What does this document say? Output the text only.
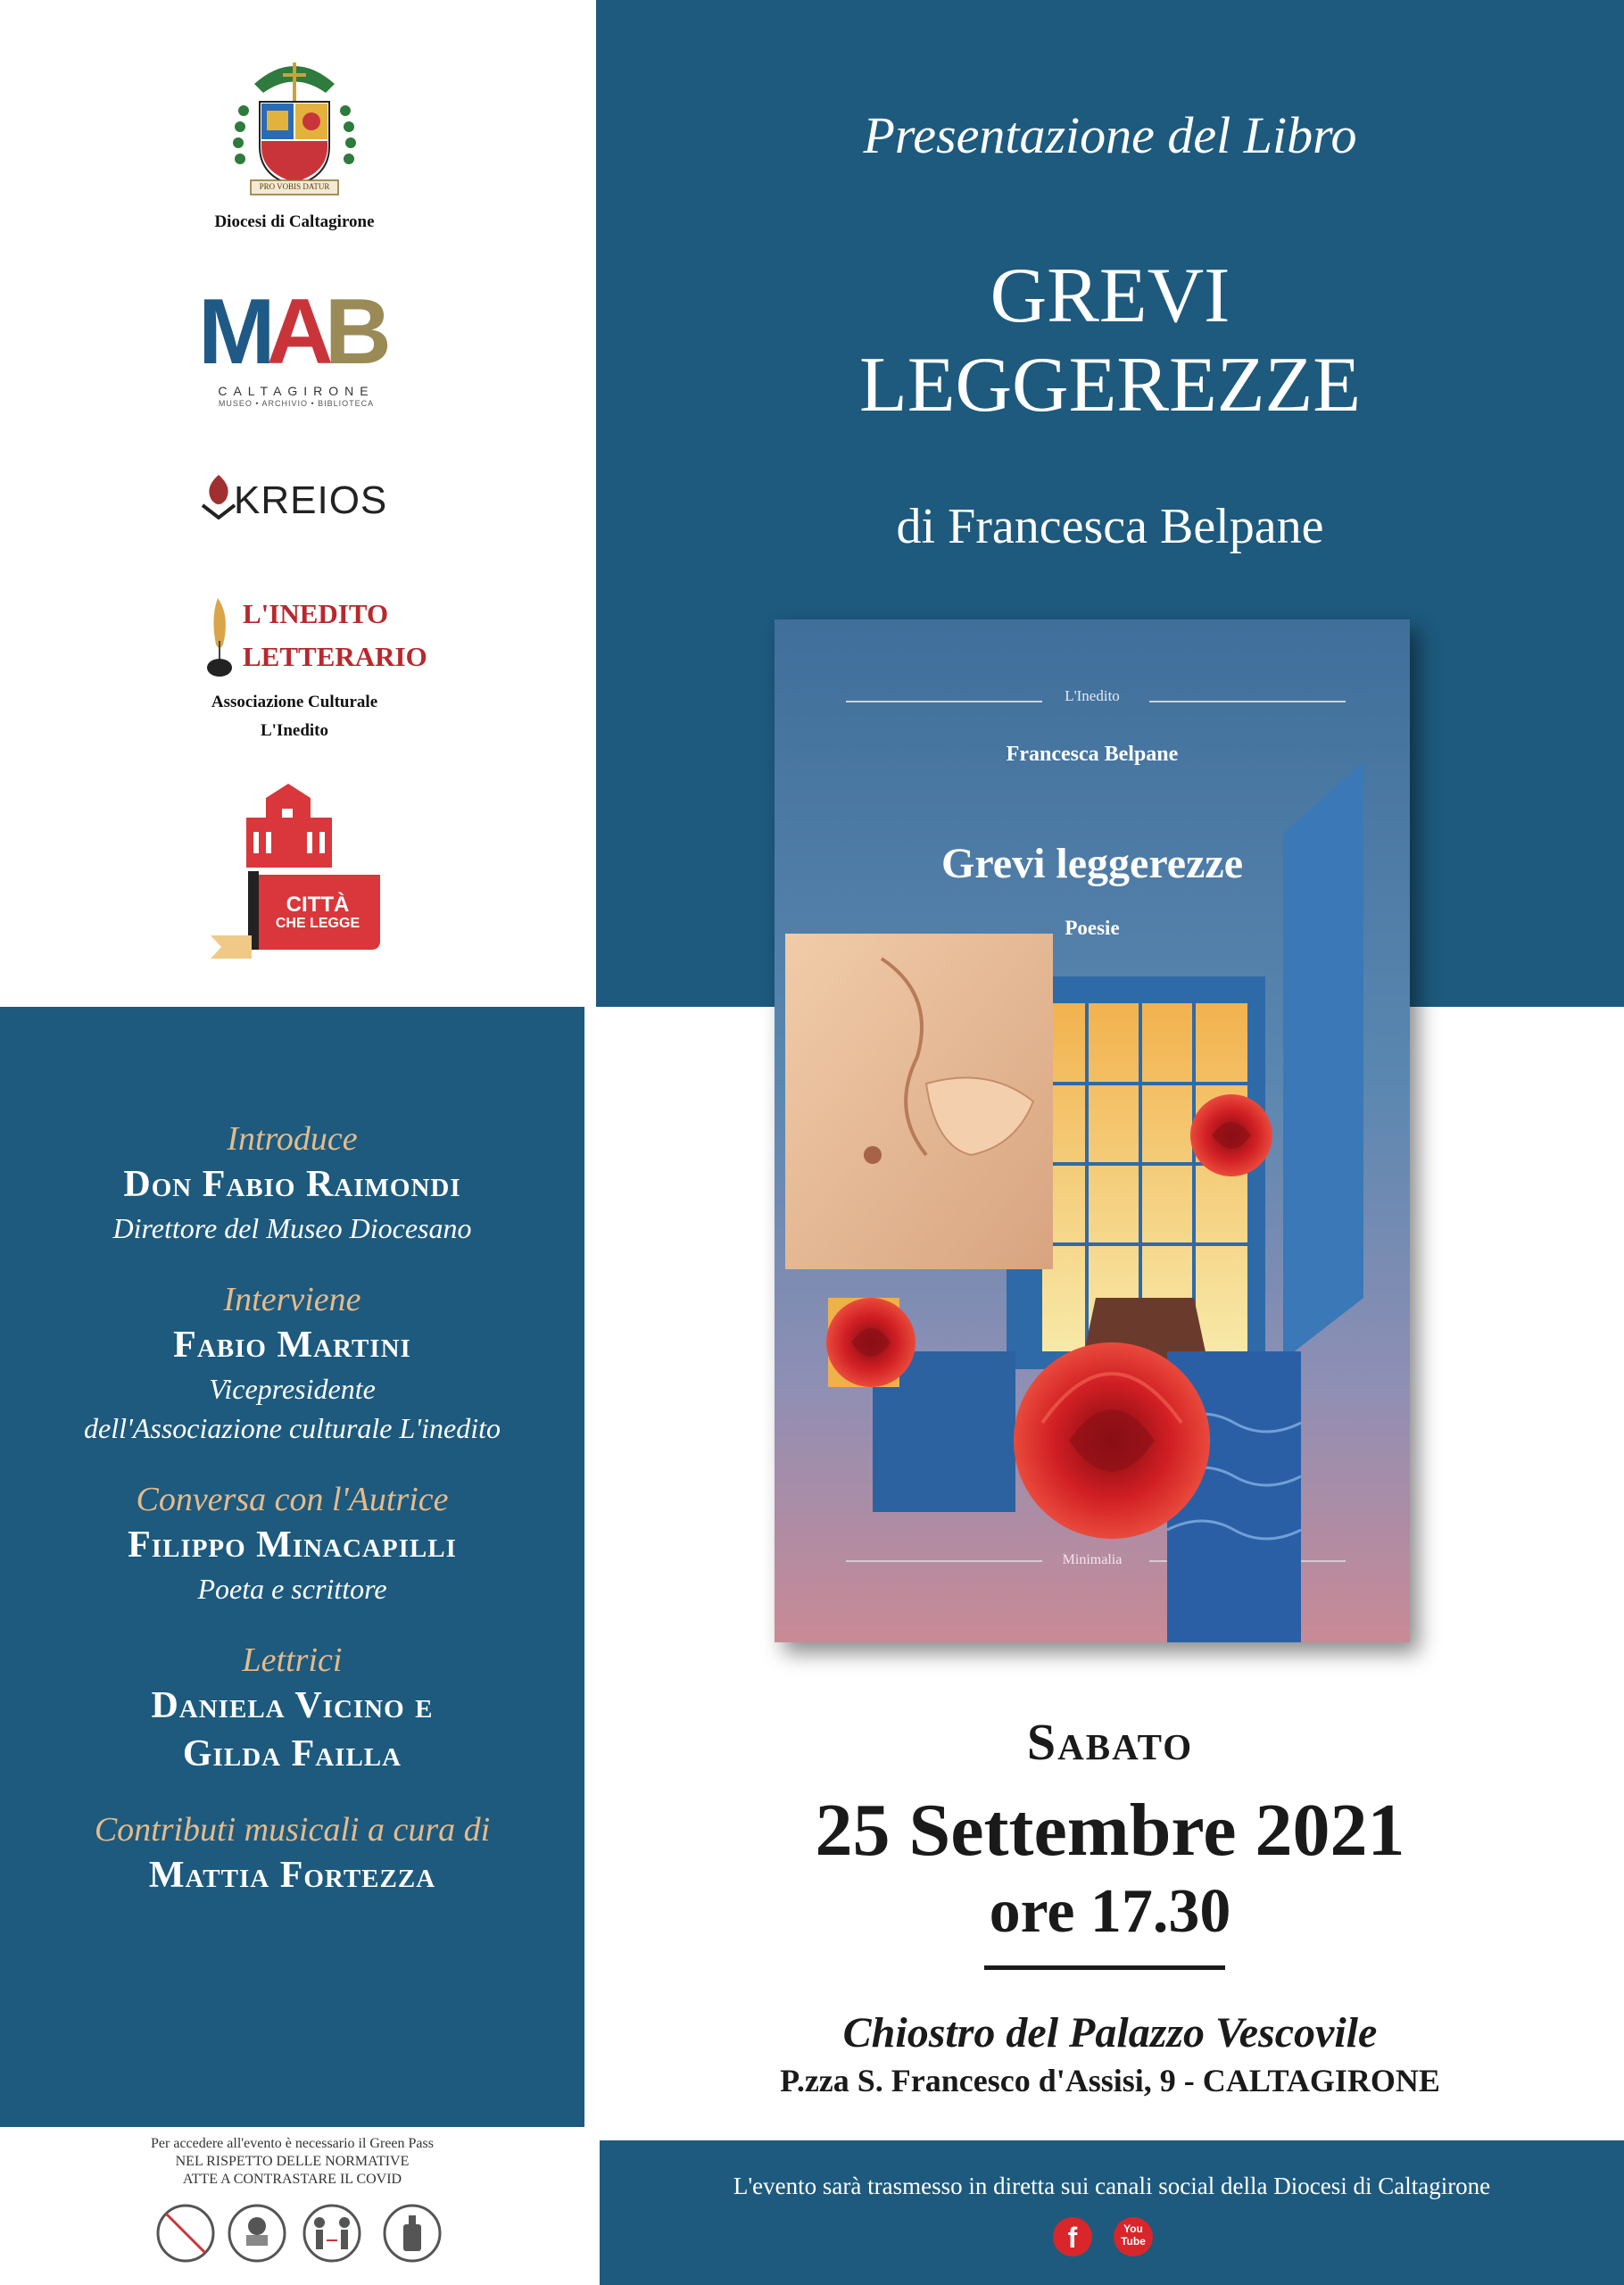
Presentazione del Libro
GREVI
LEGGEREZZE
di Francesca Belpane
L'Inedito
Francesca Belpane
Grevi leggerezze
Poesie
Minimalia
Sabato
25 Settembre 2021
ore 17.30
Chiostro del Palazzo Vescovile
P.zza S. Francesco d'Assisi, 9 - CALTAGIRONE
L'evento sarà trasmesso in diretta sui canali social della Diocesi di Caltagirone
f	You
Tube
PRO VOBIS DATUR
Diocesi di Caltagirone
MAB
CALTAGIRONE
MUSEO • ARCHIVIO • BIBLIOTECA
KREIOS
L'INEDITO
LETTERARIO
Associazione Culturale
L'Inedito
CITTÀ
CHE LEGGE
Introduce
Don Fabio Raimondi
Direttore del Museo Diocesano
Interviene
Fabio Martini
Vicepresidente
dell'Associazione culturale L'inedito
Conversa con l'Autrice
Filippo Minacapilli
Poeta e scrittore
Lettrici
Daniela Vicino e
Gilda Failla
Contributi musicali a cura di
Mattia Fortezza
Per accedere all'evento è necessario il Green Pass
NEL RISPETTO DELLE NORMATIVE
ATTE A CONTRASTARE IL COVID
